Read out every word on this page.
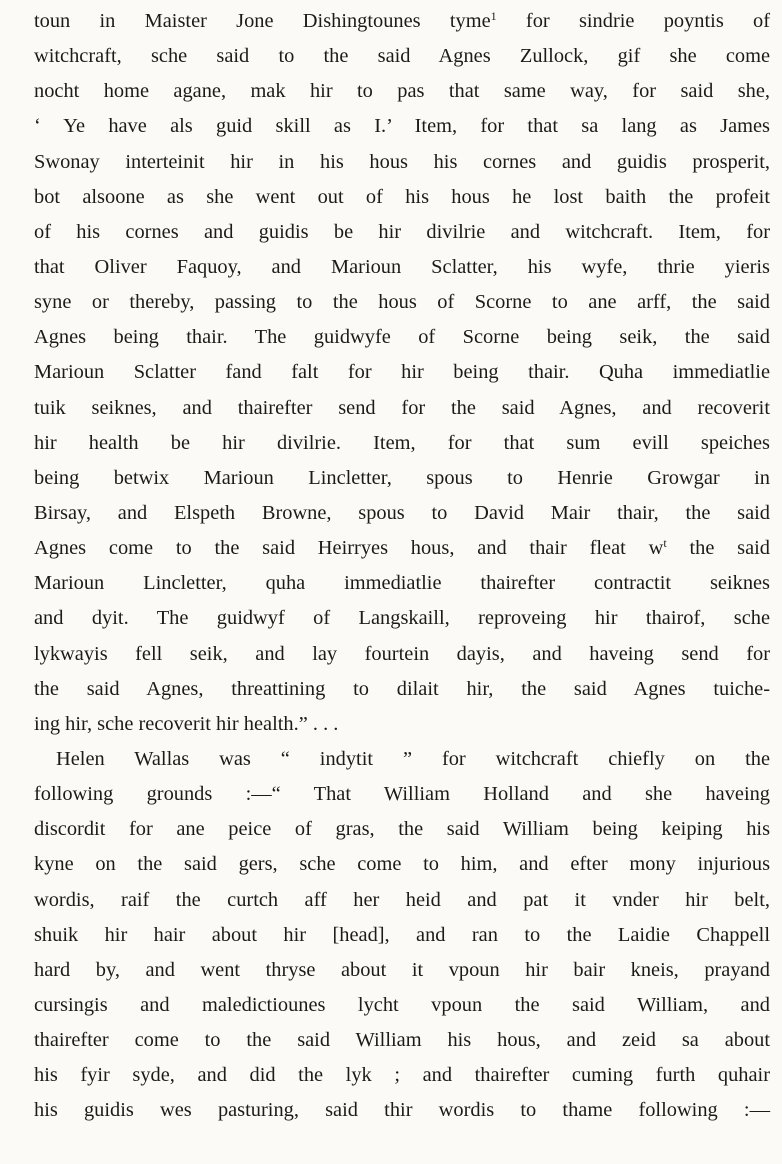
toun in Maister Jone Dishingtounes tyme$^1$ for sindrie poyntis of
witchcraft, sche said to the said Agnes Zullock, gif she come
nocht home agane, mak hir to pas that same way, for said she,
‘ Ye have als guid skill as I.’ Item, for that sa lang as James
Swonay interteinit hir in his hous his cornes and guidis prosperit,
bot alsoone as she went out of his hous he lost baith the profeit
of his cornes and guidis be hir divilrie and witchcraft. Item, for
that Oliver Faquoy, and Marioun Sclatter, his wyfe, thrie yieris
syne or thereby, passing to the hous of Scorne to ane arff, the said
Agnes being thair. The guidwyfe of Scorne being seik, the said
Marioun Sclatter fand falt for hir being thair. Quha immediatlie
tuik seiknes, and thairefter send for the said Agnes, and recoverit
hir health be hir divilrie. Item, for that sum evill speiches
being betwix Marioun Lincletter, spous to Henrie Growgar in
Birsay, and Elspeth Browne, spous to David Mair thair, the said
Agnes come to the said Heirryes hous, and thair fleat $w^t$ the said
Marioun Lincletter, quha immediatlie thairefter contractit seiknes
and dyit. The guidwyf of Langskaill, reproveing hir thairof, sche
lykwayis fell seik, and lay fourtein dayis, and haveing send for
the said Agnes, threattining to dilait hir, the said Agnes tuiche-
ing hir, sche recoverit hir health.” . . .
Helen Wallas was “ indytit ” for witchcraft chiefly on the
following grounds :—“ That William Holland and she haveing
discordit for ane peice of gras, the said William being keiping his
kyne on the said gers, sche come to him, and efter mony injurious
wordis, raif the curtch aff her heid and pat it vnder hir belt,
shuik hir hair about hir [head], and ran to the Laidie Chappell
hard by, and went thryse about it vpoun hir bair kneis, prayand
cursingis and maledictiounes lycht vpoun the said William, and
thairefter come to the said William his hous, and zeid sa about
his fyir syde, and did the lyk ; and thairefter cuming furth quhair
his guidis wes pasturing, said thir wordis to thame following :—
